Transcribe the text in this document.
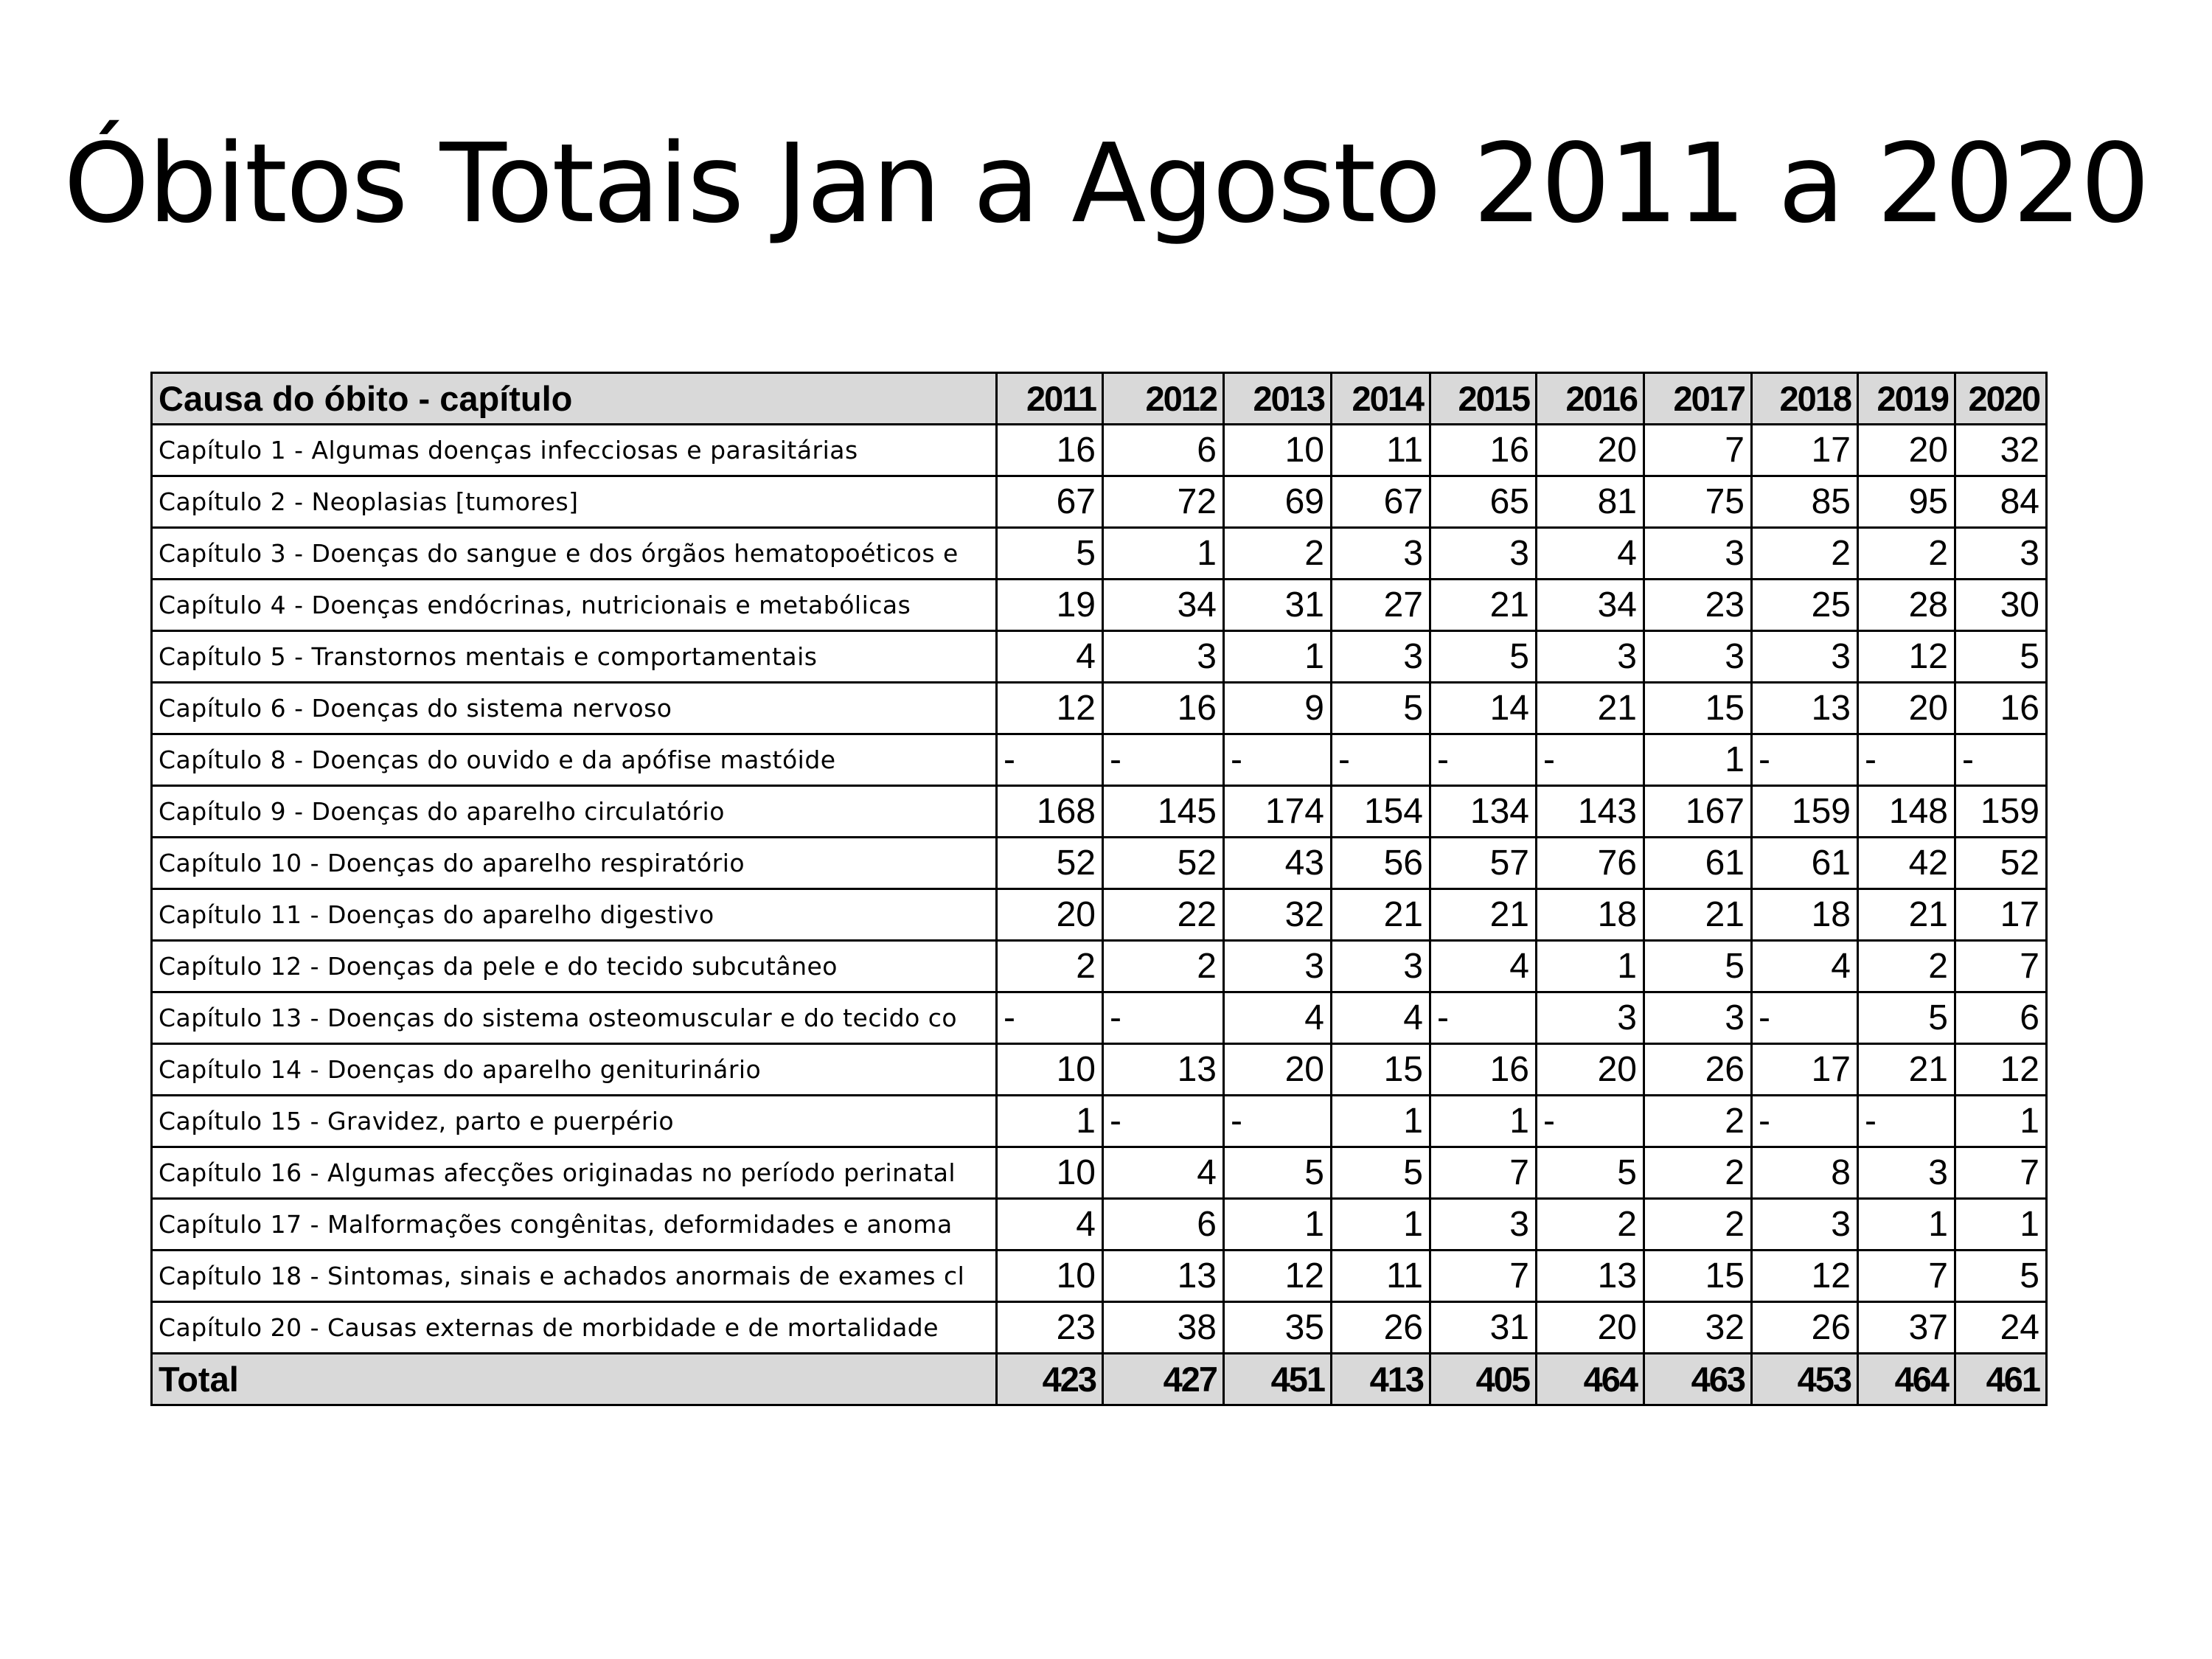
Óbitos Totais Jan a Agosto 2011 a 2020
Causa do óbito - capítulo	2011	2012	2013	2014	2015	2016	2017	2018	2019	2020
Capítulo 1 - Algumas doenças infecciosas e parasitárias	16	6	10	11	16	20	7	17	20	32
Capítulo 2 - Neoplasias [tumores]	67	72	69	67	65	81	75	85	95	84
Capítulo 3 - Doenças do sangue e dos órgãos hematopoéticos e	5	1	2	3	3	4	3	2	2	3
Capítulo 4 - Doenças endócrinas, nutricionais e metabólicas	19	34	31	27	21	34	23	25	28	30
Capítulo 5 - Transtornos mentais e comportamentais	4	3	1	3	5	3	3	3	12	5
Capítulo 6 - Doenças do sistema nervoso	12	16	9	5	14	21	15	13	20	16
Capítulo 8 - Doenças do ouvido e da apófise mastóide	-	-	-	-	-	-	1	-	-	-
Capítulo 9 - Doenças do aparelho circulatório	168	145	174	154	134	143	167	159	148	159
Capítulo 10 - Doenças do aparelho respiratório	52	52	43	56	57	76	61	61	42	52
Capítulo 11 - Doenças do aparelho digestivo	20	22	32	21	21	18	21	18	21	17
Capítulo 12 - Doenças da pele e do tecido subcutâneo	2	2	3	3	4	1	5	4	2	7
Capítulo 13 - Doenças do sistema osteomuscular e do tecido co	-	-	4	4	-	3	3	-	5	6
Capítulo 14 - Doenças do aparelho geniturinário	10	13	20	15	16	20	26	17	21	12
Capítulo 15 - Gravidez, parto e puerpério	1	-	-	1	1	-	2	-	-	1
Capítulo 16 - Algumas afecções originadas no período perinatal	10	4	5	5	7	5	2	8	3	7
Capítulo 17 - Malformações congênitas, deformidades e anoma	4	6	1	1	3	2	2	3	1	1
Capítulo 18 - Sintomas, sinais e achados anormais de exames cl	10	13	12	11	7	13	15	12	7	5
Capítulo 20 - Causas externas de morbidade e de mortalidade	23	38	35	26	31	20	32	26	37	24
Total	423	427	451	413	405	464	463	453	464	461
